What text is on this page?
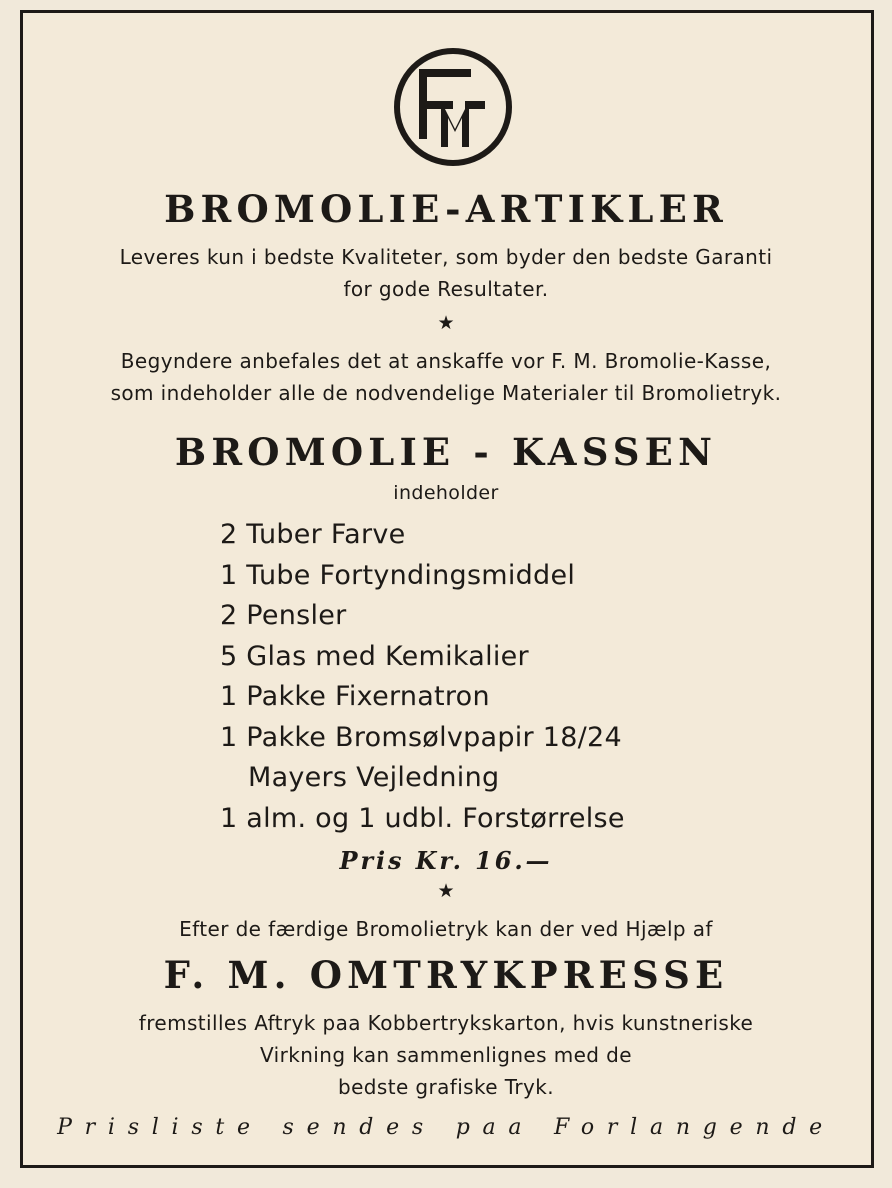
BROMOLIE-ARTIKLER
Leveres kun i bedste Kvaliteter, som byder den bedste Garanti
for gode Resultater.
★
Begyndere anbefales det at anskaffe vor F. M. Bromolie-Kasse,
som indeholder alle de nodvendelige Materialer til Bromolietryk.
BROMOLIE - KASSEN
indeholder
2 Tuber Farve
1 Tube Fortyndingsmiddel
2 Pensler
5 Glas med Kemikalier
1 Pakke Fixernatron
1 Pakke Bromsølvpapir 18/24
Mayers Vejledning
1 alm. og 1 udbl. Forstørrelse
Pris Kr. 16.—
★
Efter de færdige Bromolietryk kan der ved Hjælp af
F. M. OMTRYKPRESSE
fremstilles Aftryk paa Kobbertrykskarton, hvis kunstneriske
Virkning kan sammenlignes med de
bedste grafiske Tryk.
Prisliste sendes paa Forlangende
